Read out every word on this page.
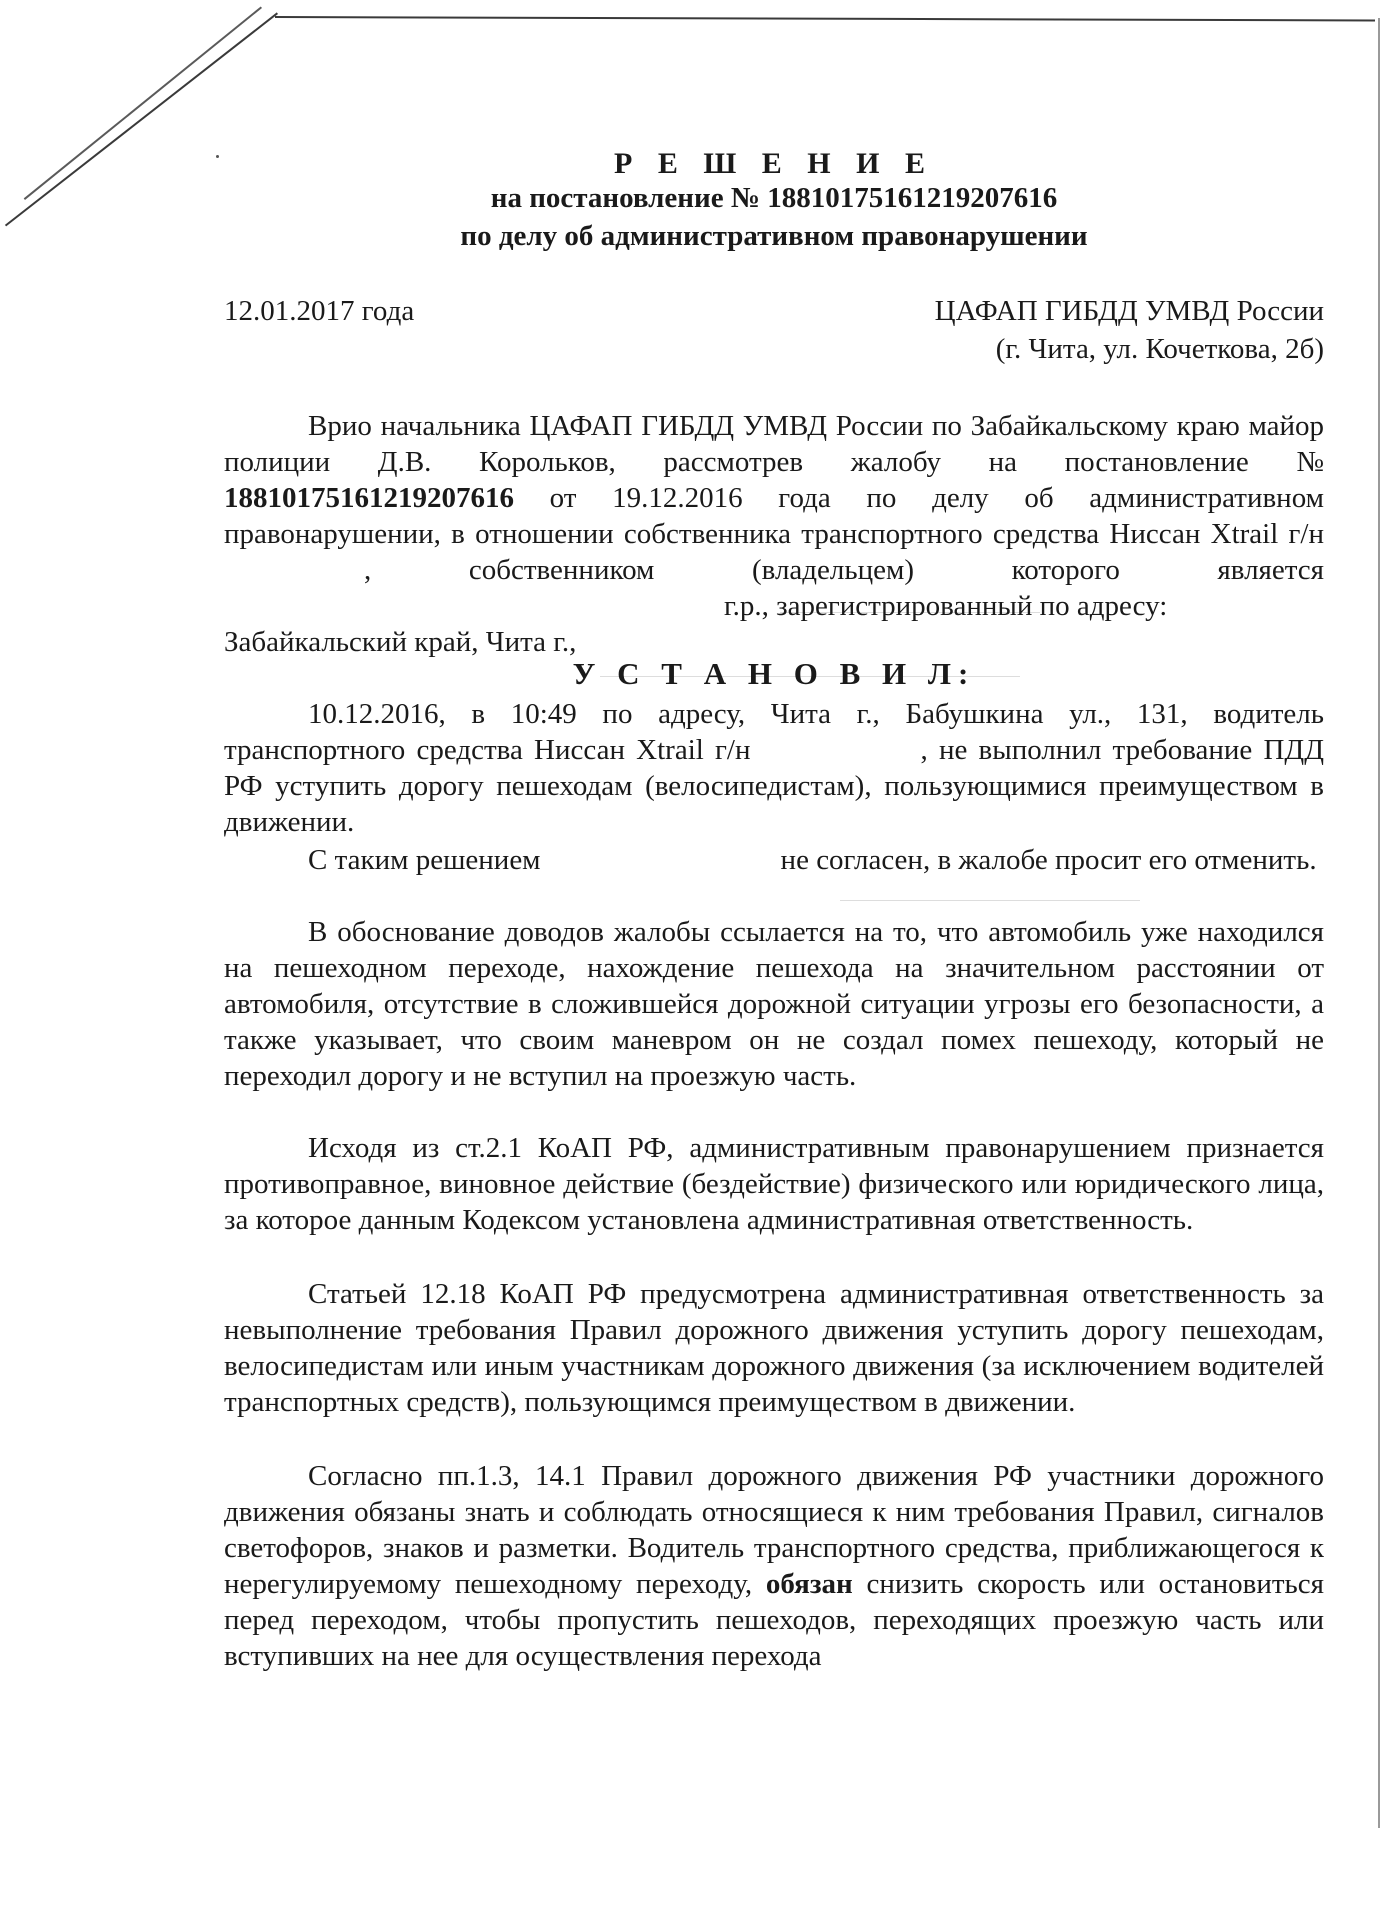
Р Е Ш Е Н И Е
на постановление № 18810175161219207616
по делу об административном правонарушении
12.01.2017 года	ЦАФАП ГИБДД УМВД России
(г. Чита, ул. Кочеткова, 2б)
Врио начальника ЦАФАП ГИБДД УМВД России по Забайкальскому краю майор полиции Д.В. Корольков, рассмотрев жалобу на постановление № 18810175161219207616 от 19.12.2016 года по делу об административном правонарушении, в отношении собственника транспортного средства Ниссан Xtrail г/н , собственником (владельцем) которого является г.р., зарегистрированный по адресу:
Забайкальский край, Чита г.,
У С Т А Н О В И Л:
10.12.2016, в 10:49 по адресу, Чита г., Бабушкина ул., 131, водитель транспортного средства Ниссан Xtrail г/н	, не выполнил требование ПДД РФ уступить дорогу пешеходам (велосипедистам), пользующимися преимуществом в движении.
С таким решением	не согласен, в жалобе просит его отменить.
В обоснование доводов жалобы ссылается на то, что автомобиль уже находился на пешеходном переходе, нахождение пешехода на значительном расстоянии от автомобиля, отсутствие в сложившейся дорожной ситуации угрозы его безопасности, а также указывает, что своим маневром он не создал помех пешеходу, который не переходил дорогу и не вступил на проезжую часть.
Исходя из ст.2.1 КоАП РФ, административным правонарушением признается противоправное, виновное действие (бездействие) физического или юридического лица, за которое данным Кодексом установлена административная ответственность.
Статьей 12.18 КоАП РФ предусмотрена административная ответственность за невыполнение требования Правил дорожного движения уступить дорогу пешеходам, велосипедистам или иным участникам дорожного движения (за исключением водителей транспортных средств), пользующимся преимуществом в движении.
Согласно пп.1.3, 14.1 Правил дорожного движения РФ участники дорожного движения обязаны знать и соблюдать относящиеся к ним требования Правил, сигналов светофоров, знаков и разметки. Водитель транспортного средства, приближающегося к нерегулируемому пешеходному переходу, обязан снизить скорость или остановиться перед переходом, чтобы пропустить пешеходов, переходящих проезжую часть или вступивших на нее для осуществления перехода
